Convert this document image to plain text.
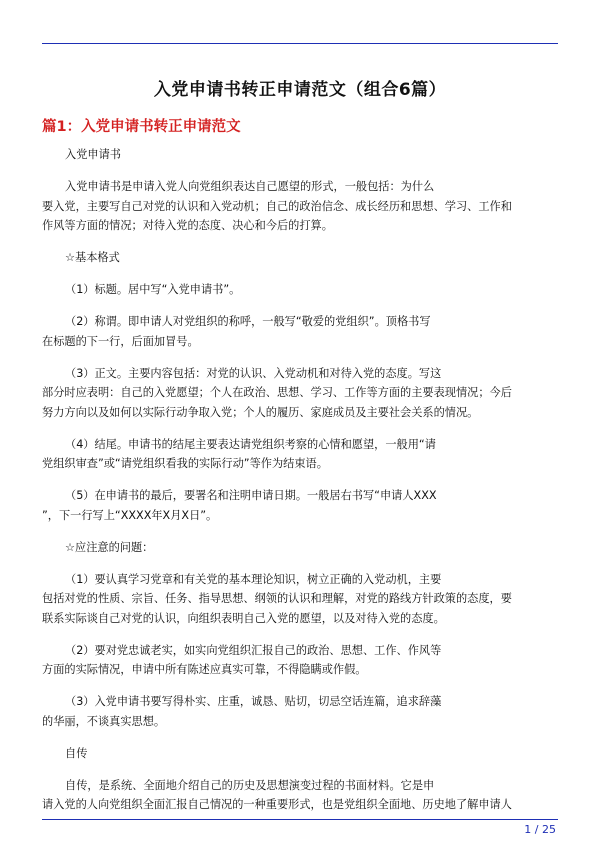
入党申请书转正申请范文（组合6篇）
篇1：入党申请书转正申请范文
入党申请书
入党申请书是申请入党人向党组织表达自己愿望的形式，一般包括：为什么
要入党，主要写自己对党的认识和入党动机；自己的政治信念、成长经历和思想、学习、工作和
作风等方面的情况；对待入党的态度、决心和今后的打算。
☆基本格式
（1）标题。居中写“入党申请书”。
（2）称谓。即申请人对党组织的称呼，一般写“敬爱的党组织”。顶格书写
在标题的下一行，后面加冒号。
（3）正文。主要内容包括：对党的认识、入党动机和对待入党的态度。写这
部分时应表明：自己的入党愿望；个人在政治、思想、学习、工作等方面的主要表现情况；今后
努力方向以及如何以实际行动争取入党；个人的履历、家庭成员及主要社会关系的情况。
（4）结尾。申请书的结尾主要表达请党组织考察的心情和愿望，一般用“请
党组织审查”或“请党组织看我的实际行动”等作为结束语。
（5）在申请书的最后，要署名和注明申请日期。一般居右书写“申请人XXX
”，下一行写上“XXXX年X月X日”。
☆应注意的问题：
（1）要认真学习党章和有关党的基本理论知识，树立正确的入党动机，主要
包括对党的性质、宗旨、任务、指导思想、纲领的认识和理解，对党的路线方针政策的态度，要
联系实际谈自己对党的认识，向组织表明自己入党的愿望，以及对待入党的态度。
（2）要对党忠诚老实，如实向党组织汇报自己的政治、思想、工作、作风等
方面的实际情况，申请中所有陈述应真实可靠，不得隐瞒或作假。
（3）入党申请书要写得朴实、庄重，诚恳、贴切，切忌空话连篇，追求辞藻
的华丽，不谈真实思想。
自传
自传，是系统、全面地介绍自己的历史及思想演变过程的书面材料。它是申
请入党的人向党组织全面汇报自己情况的一种重要形式，也是党组织全面地、历史地了解申请人
1 / 25
